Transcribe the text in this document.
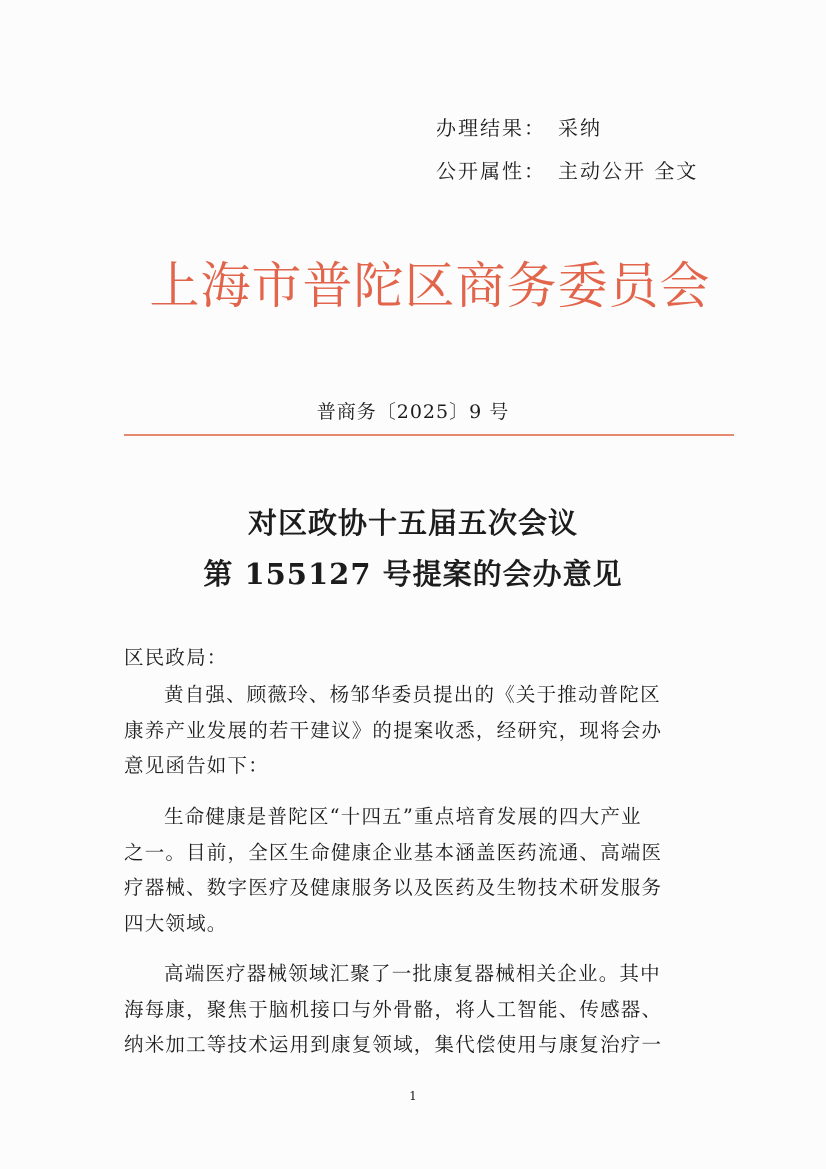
办理结果： 采纳
公开属性： 主动公开 全文
上海市普陀区商务委员会
普商务〔2025〕9 号
对区政协十五届五次会议
第 155127 号提案的会办意见
区民政局：
黄自强、顾薇玲、杨邹华委员提出的《关于推动普陀区
康养产业发展的若干建议》的提案收悉，经研究，现将会办
意见函告如下：
生命健康是普陀区“十四五”重点培育发展的四大产业
之一。目前，全区生命健康企业基本涵盖医药流通、高端医
疗器械、数字医疗及健康服务以及医药及生物技术研发服务
四大领域。
高端医疗器械领域汇聚了一批康复器械相关企业。其中
海每康，聚焦于脑机接口与外骨骼，将人工智能、传感器、
纳米加工等技术运用到康复领域，集代偿使用与康复治疗一
1
